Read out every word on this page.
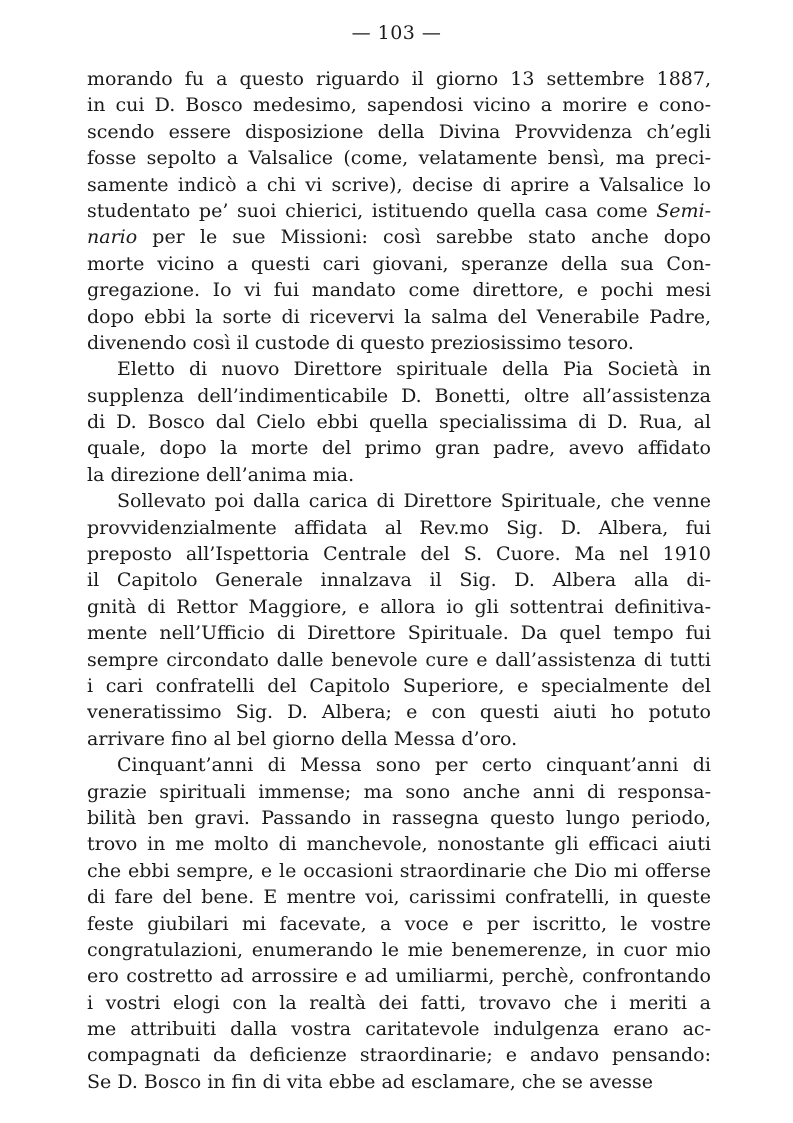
— 103 —
morando fu a questo riguardo il giorno 13 settembre 1887,
in cui D. Bosco medesimo, sapendosi vicino a morire e cono-
scendo essere disposizione della Divina Provvidenza ch’egli
fosse sepolto a Valsalice (come, velatamente bensì, ma preci-
samente indicò a chi vi scrive), decise di aprire a Valsalice lo
studentato pe’ suoi chierici, istituendo quella casa come Semi-
nario per le sue Missioni: così sarebbe stato anche dopo
morte vicino a questi cari giovani, speranze della sua Con-
gregazione. Io vi fui mandato come direttore, e pochi mesi
dopo ebbi la sorte di ricevervi la salma del Venerabile Padre,
divenendo così il custode di questo preziosissimo tesoro.
Eletto di nuovo Direttore spirituale della Pia Società in
supplenza dell’indimenticabile D. Bonetti, oltre all’assistenza
di D. Bosco dal Cielo ebbi quella specialissima di D. Rua, al
quale, dopo la morte del primo gran padre, avevo affidato
la direzione dell’anima mia.
Sollevato poi dalla carica di Direttore Spirituale, che venne
provvidenzialmente affidata al Rev.mo Sig. D. Albera, fui
preposto all’Ispettoria Centrale del S. Cuore. Ma nel 1910
il Capitolo Generale innalzava il Sig. D. Albera alla di-
gnità di Rettor Maggiore, e allora io gli sottentrai definitiva-
mente nell’Ufficio di Direttore Spirituale. Da quel tempo fui
sempre circondato dalle benevole cure e dall’assistenza di tutti
i cari confratelli del Capitolo Superiore, e specialmente del
veneratissimo Sig. D. Albera; e con questi aiuti ho potuto
arrivare fino al bel giorno della Messa d’oro.
Cinquant’anni di Messa sono per certo cinquant’anni di
grazie spirituali immense; ma sono anche anni di responsa-
bilità ben gravi. Passando in rassegna questo lungo periodo,
trovo in me molto di manchevole, nonostante gli efficaci aiuti
che ebbi sempre, e le occasioni straordinarie che Dio mi offerse
di fare del bene. E mentre voi, carissimi confratelli, in queste
feste giubilari mi facevate, a voce e per iscritto, le vostre
congratulazioni, enumerando le mie benemerenze, in cuor mio
ero costretto ad arrossire e ad umiliarmi, perchè, confrontando
i vostri elogi con la realtà dei fatti, trovavo che i meriti a
me attribuiti dalla vostra caritatevole indulgenza erano ac-
compagnati da deficienze straordinarie; e andavo pensando:
Se D. Bosco in fin di vita ebbe ad esclamare, che se avesse
